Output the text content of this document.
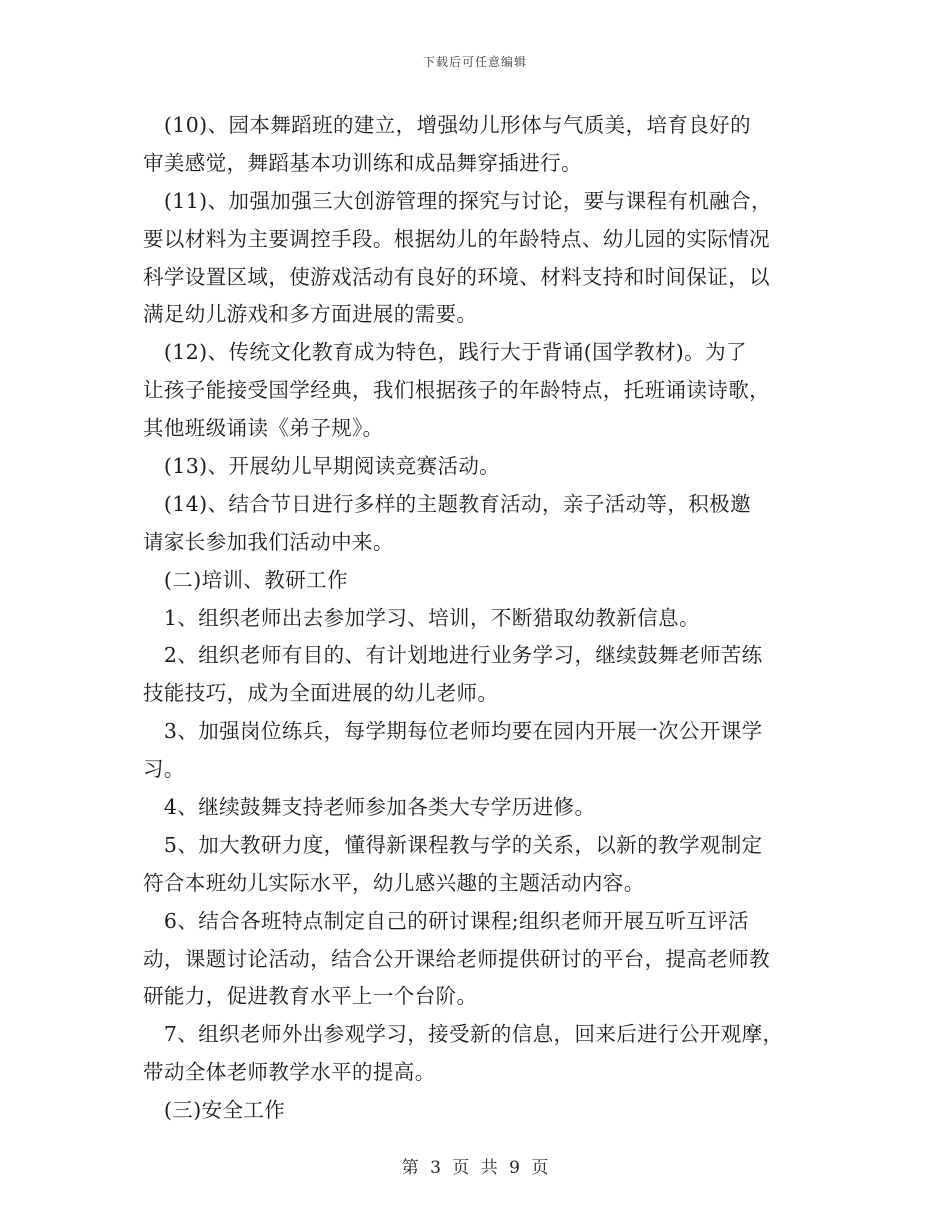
下载后可任意编辑
　(10)、园本舞蹈班的建立，增强幼儿形体与气质美，培育良好的
审美感觉，舞蹈基本功训练和成品舞穿插进行。
　(11)、加强加强三大创游管理的探究与讨论，要与课程有机融合，
要以材料为主要调控手段。根据幼儿的年龄特点、幼儿园的实际情况
科学设置区域，使游戏活动有良好的环境、材料支持和时间保证，以
满足幼儿游戏和多方面进展的需要。
　(12)、传统文化教育成为特色，践行大于背诵(国学教材)。为了
让孩子能接受国学经典，我们根据孩子的年龄特点，托班诵读诗歌，
其他班级诵读《弟子规》。
　(13)、开展幼儿早期阅读竞赛活动。
　(14)、结合节日进行多样的主题教育活动，亲子活动等，积极邀
请家长参加我们活动中来。
　(二)培训、教研工作
　1、组织老师出去参加学习、培训，不断猎取幼教新信息。
　2、组织老师有目的、有计划地进行业务学习，继续鼓舞老师苦练
技能技巧，成为全面进展的幼儿老师。
　3、加强岗位练兵，每学期每位老师均要在园内开展一次公开课学
习。
　4、继续鼓舞支持老师参加各类大专学历进修。
　5、加大教研力度，懂得新课程教与学的关系，以新的教学观制定
符合本班幼儿实际水平，幼儿感兴趣的主题活动内容。
　6、结合各班特点制定自己的研讨课程;组织老师开展互听互评活
动，课题讨论活动，结合公开课给老师提供研讨的平台，提高老师教
研能力，促进教育水平上一个台阶。
　7、组织老师外出参观学习，接受新的信息，回来后进行公开观摩，
带动全体老师教学水平的提高。
　(三)安全工作
第 3 页 共 9 页
